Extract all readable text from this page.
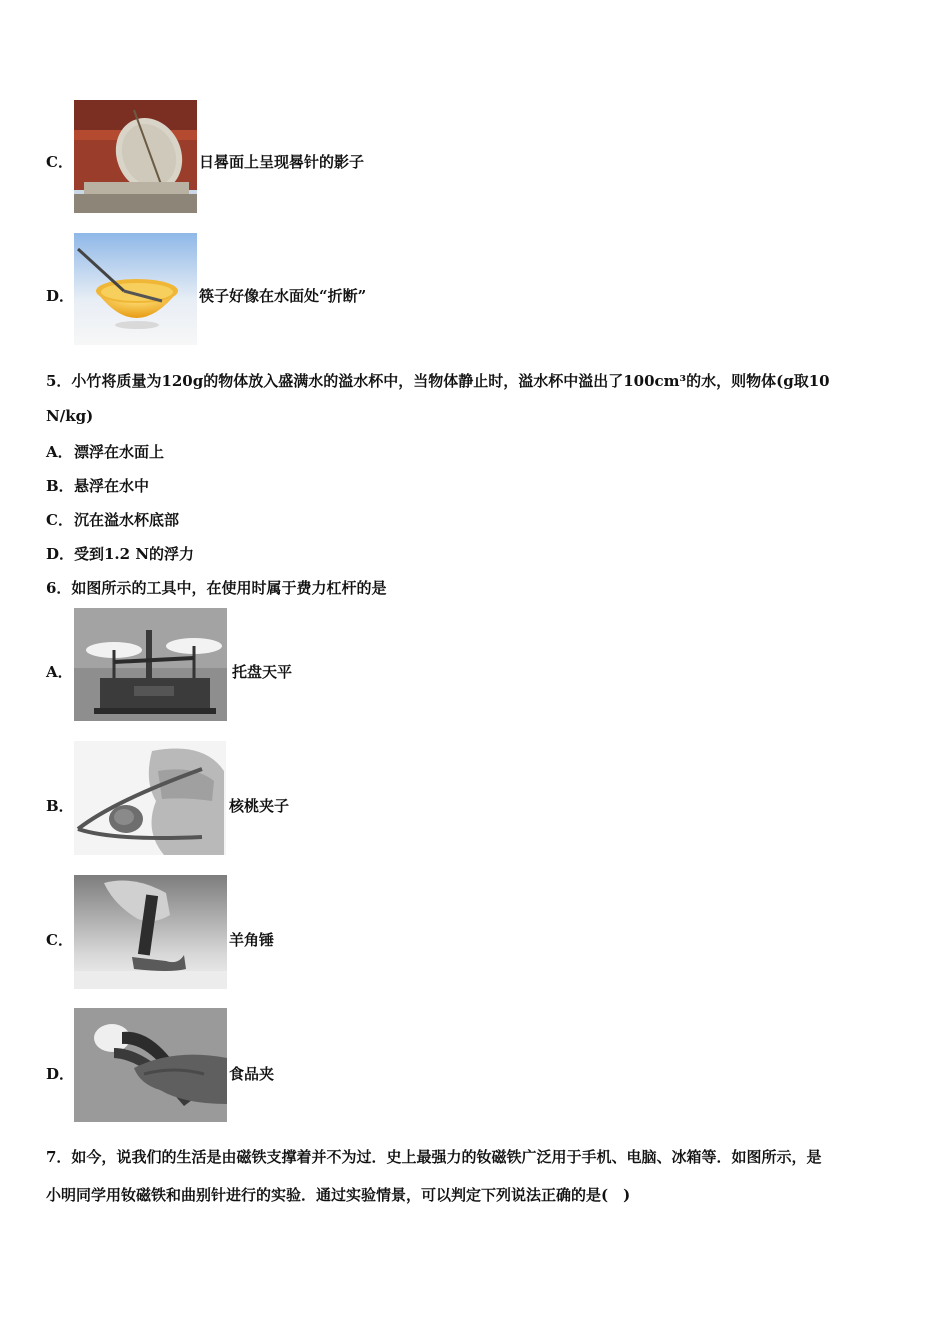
C．	日晷面上呈现晷针的影子
D．	筷子好像在水面处“折断”
5．小竹将质量为120g的物体放入盛满水的溢水杯中，当物体静止时，溢水杯中溢出了100cm³的水，则物体(g取10
N/kg)
A． 漂浮在水面上
B． 悬浮在水中
C． 沉在溢水杯底部
D． 受到1.2 N的浮力
6．如图所示的工具中，在使用时属于费力杠杆的是
A．	托盘天平
B．	核桃夹子
C．	羊角锤
D．	食品夹
7．如今，说我们的生活是由磁铁支撑着并不为过．史上最强力的钕磁铁广泛用于手机、电脑、冰箱等．如图所示，是
小明同学用钕磁铁和曲别针进行的实验．通过实验情景，可以判定下列说法正确的是(　)
